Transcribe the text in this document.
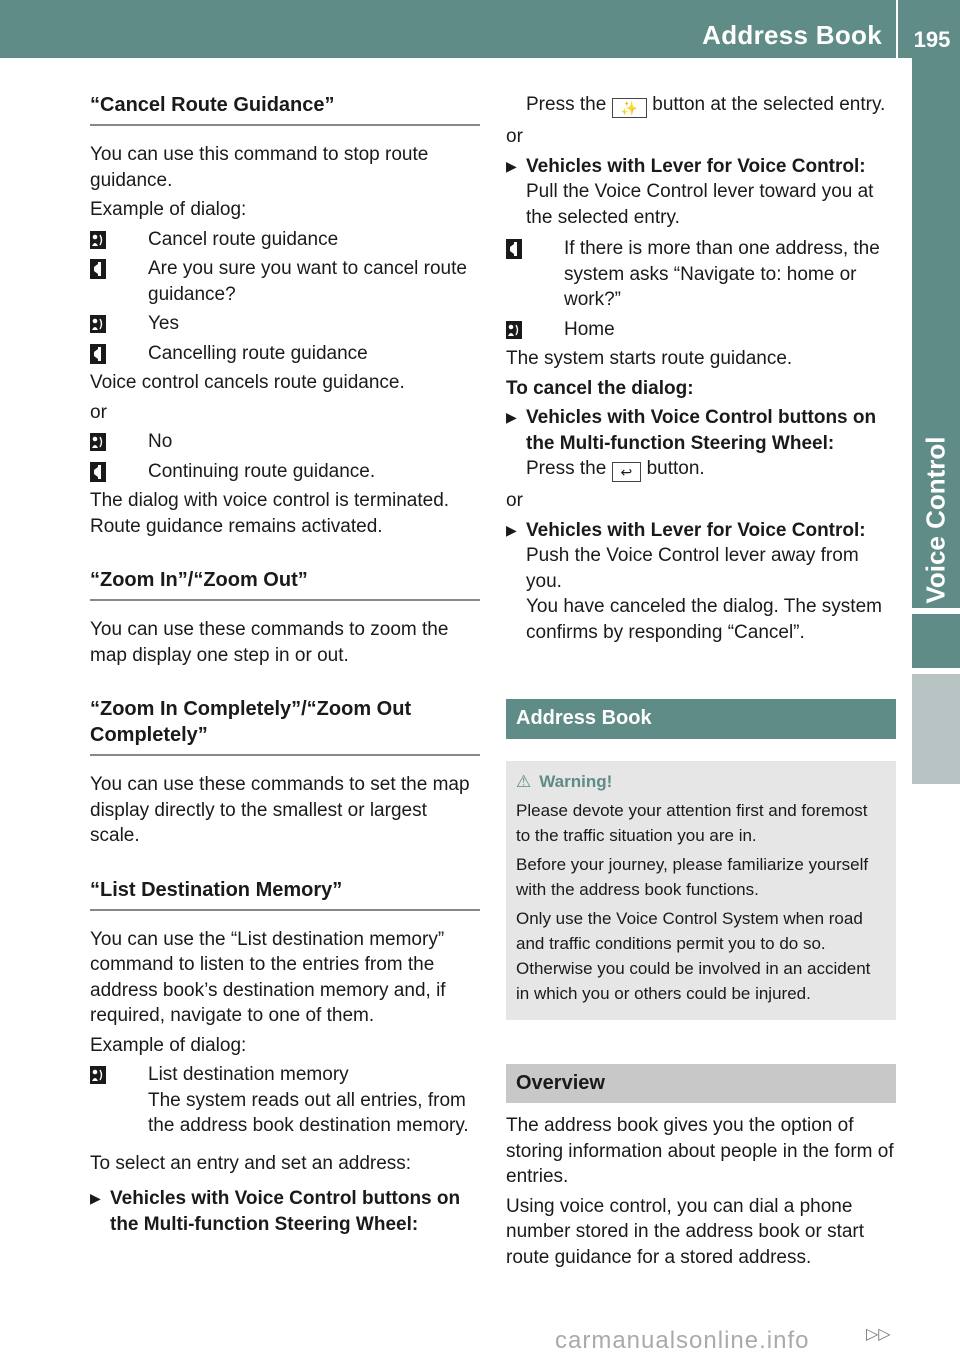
Address Book	195
Voice Control
“Cancel Route Guidance”

You can use this command to stop route guidance.

Example of dialog:

Cancel route guidance
Are you sure you want to cancel route guidance?
Yes
Cancelling route guidance

Voice control cancels route guidance.

or

No
Continuing route guidance.

The dialog with voice control is terminated. Route guidance remains activated.

“Zoom In”/“Zoom Out”

You can use these commands to zoom the map display one step in or out.

“Zoom In Completely”/“Zoom Out Completely”

You can use these commands to set the map display directly to the smallest or largest scale.

“List Destination Memory”

You can use the “List destination memory” command to listen to the entries from the address book’s destination memory and, if required, navigate to one of them.

Example of dialog:

List destination memory
The system reads out all entries, from the address book destination memory.

To select an entry and set an address:

▶ Vehicles with Voice Control buttons on the Multi-function Steering Wheel:
Press the ✨ button at the selected entry.

or

▶ Vehicles with Lever for Voice Control:
Pull the Voice Control lever toward you at the selected entry.
If there is more than one address, the system asks “Navigate to: home or work?”
Home

The system starts route guidance.

To cancel the dialog:

▶ Vehicles with Voice Control buttons on the Multi-function Steering Wheel:
Press the ↩ button.

or

▶ Vehicles with Lever for Voice Control:
Push the Voice Control lever away from you.
You have canceled the dialog. The system confirms by responding “Cancel”.
Address Book
⚠ Warning!

Please devote your attention first and foremost to the traffic situation you are in.

Before your journey, please familiarize yourself with the address book functions.

Only use the Voice Control System when road and traffic conditions permit you to do so. Otherwise you could be involved in an accident in which you or others could be injured.

Overview

The address book gives you the option of storing information about people in the form of entries.

Using voice control, you can dial a phone number stored in the address book or start route guidance for a stored address.

▷▷
carmanualsonline.info
